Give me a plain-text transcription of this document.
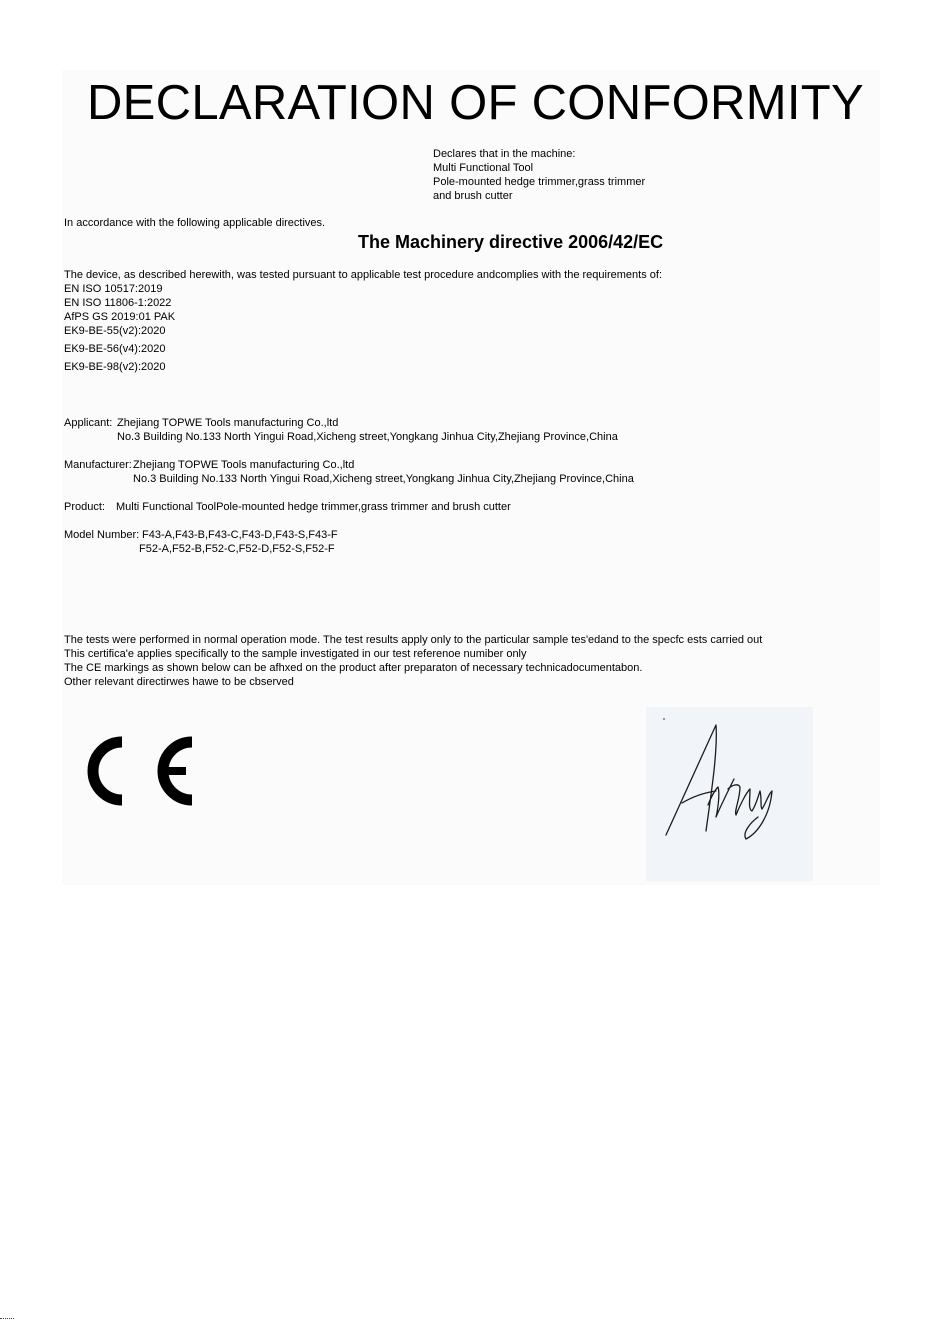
DECLARATION OF CONFORMITY
Declares that in the machine:
Multi Functional Tool
Pole-mounted hedge trimmer,grass trimmer
and brush cutter
In accordance with the following applicable directives.
The Machinery directive 2006/42/EC
The device, as described herewith, was tested pursuant to applicable test procedure andcomplies with the requirements of:
EN ISO 10517:2019
EN ISO 11806-1:2022
AfPS GS 2019:01 PAK
EK9-BE-55(v2):2020
EK9-BE-56(v4):2020
EK9-BE-98(v2):2020
Applicant: Zhejiang TOPWE Tools manufacturing Co.,ltd
No.3 Building No.133 North Yingui Road,Xicheng street,Yongkang Jinhua City,Zhejiang Province,China
Manufacturer: Zhejiang TOPWE Tools manufacturing Co.,ltd
No.3 Building No.133 North Yingui Road,Xicheng street,Yongkang Jinhua City,Zhejiang Province,China
Product: Multi Functional ToolPole-mounted hedge trimmer,grass trimmer and brush cutter
Model Number: F43-A,F43-B,F43-C,F43-D,F43-S,F43-F
F52-A,F52-B,F52-C,F52-D,F52-S,F52-F
The tests were performed in normal operation mode. The test results apply only to the particular sample tes'edand to the specfc ests carried out
This certifica'e applies specifically to the sample investigated in our test referenoe numiber only
The CE markings as shown below can be afhxed on the product after preparaton of necessary technicadocumentabon.
Other relevant directirwes hawe to be cbserved
